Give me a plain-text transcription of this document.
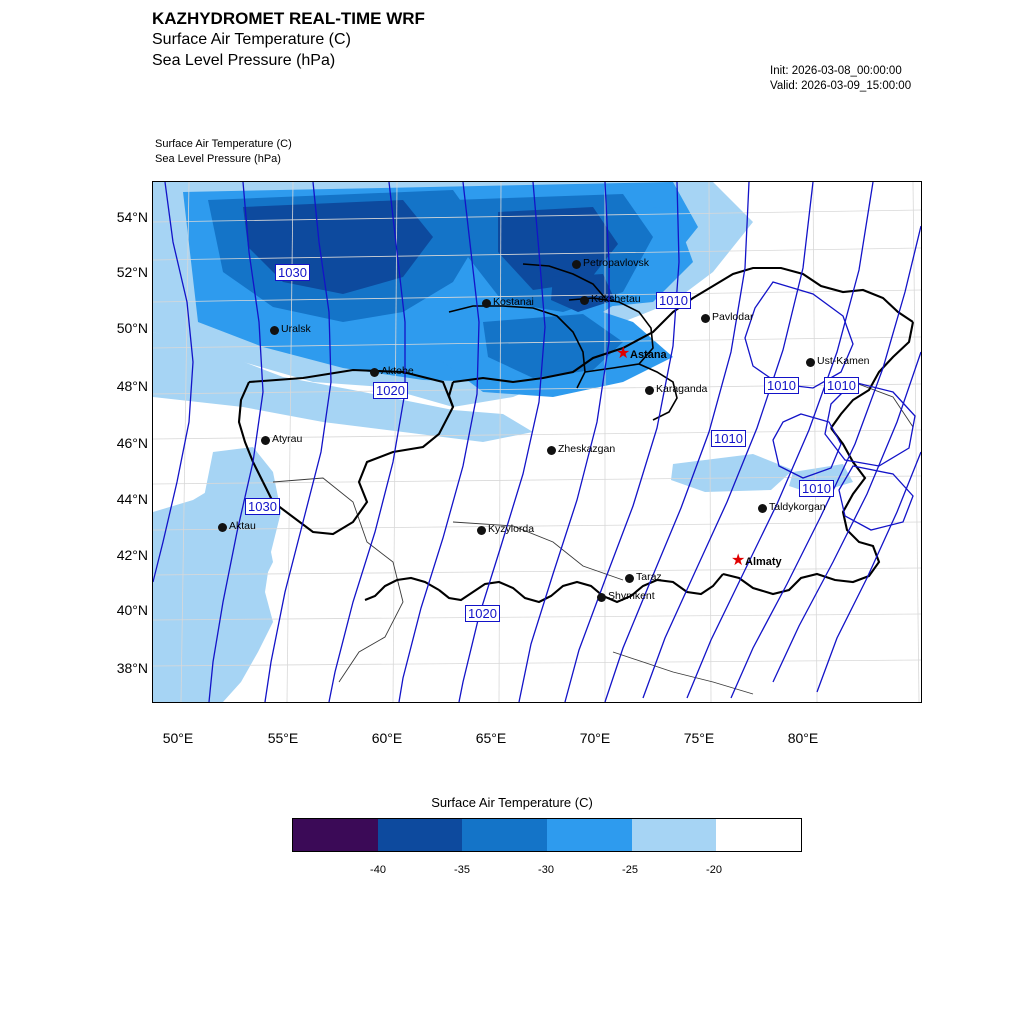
KAZHYDROMET REAL-TIME WRF
Surface Air Temperature (C)
Sea Level Pressure (hPa)
Init: 2026-03-08_00:00:00
Valid: 2026-03-09_15:00:00
Surface Air Temperature (C)
Sea Level Pressure (hPa)
1030
1020
1010
1010 1010
1010
1010
1030
1020
54°N
52°N
50°N
48°N
46°N
44°N
42°N
40°N
38°N
50°E	55°E	60°E	65°E	70°E	75°E	80°E
Uralsk
Aktobe
Kostanai
Petropavlovsk
Kokshetau
Pavlodar
Ust-Kamen
Karaganda
Atyrau
Zheskazgan
Taldykorgan
Aktau	Kyzylorda
Taraz
Shymkent
★ Astana
★ Almaty
Surface Air Temperature (C)
-40	-35	-30	-25	-20
